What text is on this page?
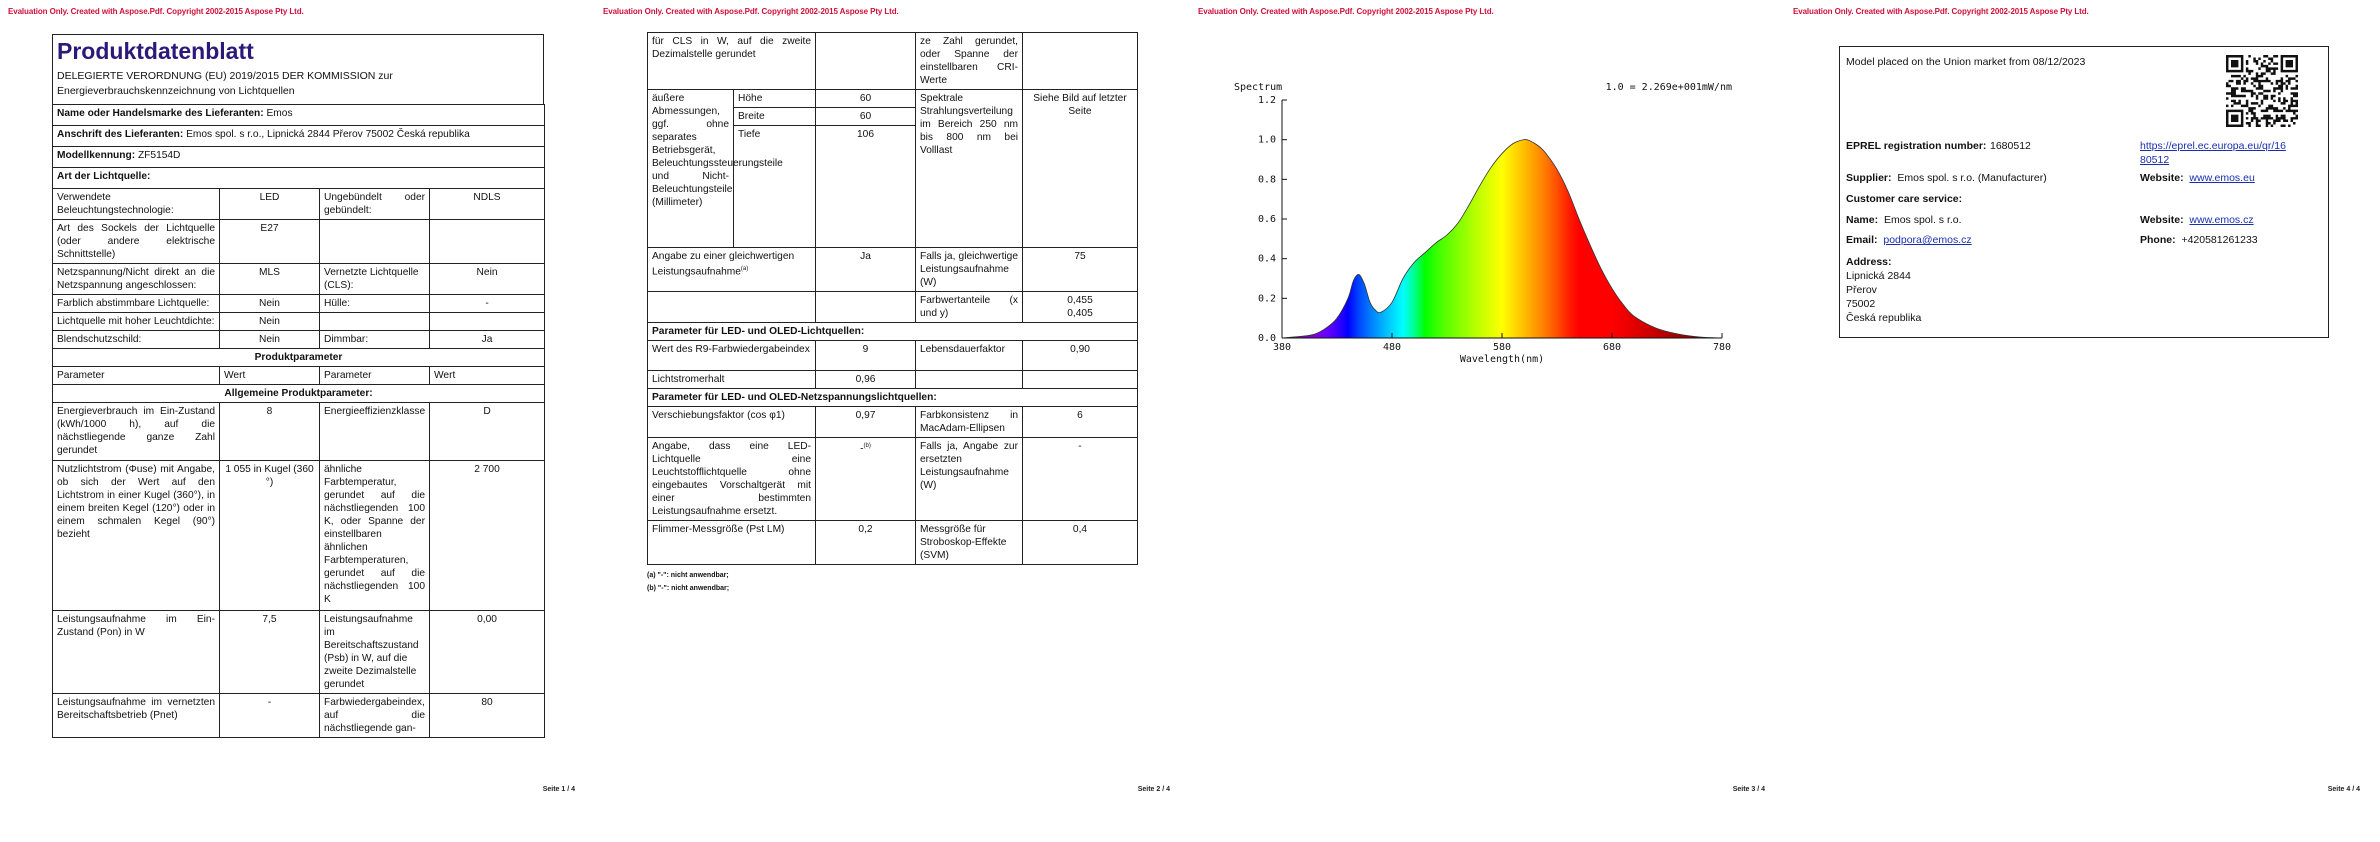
Evaluation Only. Created with Aspose.Pdf. Copyright 2002-2015 Aspose Pty Ltd.
Produktdatenblatt
DELEGIERTE VERORDNUNG (EU) 2019/2015 DER KOMMISSION zur Energieverbrauchskennzeichnung von Lichtquellen
Name oder Handelsmarke des Lieferanten: Emos			
Anschrift des Lieferanten: Emos spol. s r.o., Lipnická 2844 Přerov 75002 Česká republika			
Modellkennung: ZF5154D			
Art der Lichtquelle:			
Verwendete Beleuchtungstechnologie:	LED	Ungebündelt oder gebündelt:	NDLS
Art des Sockels der Lichtquelle (oder andere elektrische Schnittstelle)	E27		
Netzspannung/Nicht direkt an die Netzspannung angeschlossen:	MLS	Vernetzte Lichtquelle (CLS):	Nein
Farblich abstimmbare Lichtquelle:	Nein	Hülle:	-
Lichtquelle mit hoher Leuchtdichte:	Nein		
Blendschutzschild:	Nein	Dimmbar:	Ja
Produktparameter			
Parameter	Wert	Parameter	Wert
Allgemeine Produktparameter:			
Energieverbrauch im Ein-Zustand (kWh/1000 h), auf die nächstliegende ganze Zahl gerundet	8	Energieeffizienzklasse	D
Nutzlichtstrom (Φuse) mit Angabe, ob sich der Wert auf den Lichtstrom in einer Kugel (360°), in einem breiten Kegel (120°) oder in einem schmalen Kegel (90°) bezieht	1 055 in Kugel (360 °)	ähnliche Farbtemperatur, gerundet auf die nächstliegenden 100 K, oder Spanne der einstellbaren ähnlichen Farbtemperaturen, gerundet auf die nächstliegenden 100 K	2 700
Leistungsaufnahme im Ein-Zustand (Pon) in W	7,5	Leistungsaufnahme im Bereitschaftszustand (Psb) in W, auf die zweite Dezimalstelle gerundet	0,00
Leistungsaufnahme im vernetzten Bereitschaftsbetrieb (Pnet)	-	Farbwiedergabeindex, auf die nächstliegende gan-	80
Seite 1 / 4
Evaluation Only. Created with Aspose.Pdf. Copyright 2002-2015 Aspose Pty Ltd.
für CLS in W, auf die zweite Dezimalstelle gerundet			ze Zahl gerundet, oder Spanne der einstellbaren CRI-Werte	
äußere Abmessungen, ggf. ohne separates Betriebsgerät, Beleuchtungssteuerungsteile und Nicht-Beleuchtungsteile (Millimeter)	Höhe	60	Spektrale Strahlungsverteilung im Bereich 250 nm bis 800 nm bei Volllast	Siehe Bild auf letzter Seite
	Breite	60		
	Tiefe	106		
Angabe zu einer gleichwertigen Leistungsaufnahme$^{(a)}$		Ja	Falls ja, gleichwertige Leistungsaufnahme (W)	75
			Farbwertanteile (x und y)	0,455
0,405

Parameter für LED- und OLED-Lichtquellen:				
Wert des R9-Farbwiedergabeindex		9	Lebensdauerfaktor	0,90
Lichtstromerhalt		0,96		
Parameter für LED- und OLED-Netzspannungslichtquellen:				
Verschiebungsfaktor (cos φ1)		0,97	Farbkonsistenz in MacAdam-Ellipsen	6
Angabe, dass eine LED-Lichtquelle eine Leuchtstofflichtquelle ohne eingebautes Vorschaltgerät mit einer bestimmten Leistungsaufnahme ersetzt.		-$^{(b)}$	Falls ja, Angabe zur ersetzten Leistungsaufnahme (W)	-
Flimmer-Messgröße (Pst LM)		0,2	Messgröße für Stroboskop-Effekte (SVM)	0,4
(a) "-": nicht anwendbar;
(b) "-": nicht anwendbar;
Seite 2 / 4
Evaluation Only. Created with Aspose.Pdf. Copyright 2002-2015 Aspose Pty Ltd.
0.0
0.2
0.4
0.6
0.8
1.0
1.2
380	480	580	680	780
Spectrum	1.0 = 2.269e+001mW/nm
Wavelength(nm)
Seite 3 / 4
Evaluation Only. Created with Aspose.Pdf. Copyright 2002-2015 Aspose Pty Ltd.
Model placed on the Union market from 08/12/2023
EPREL registration number: 1680512	https://eprel.ec.europa.eu/qr/16
80512
Supplier: Emos spol. s r.o. (Manufacturer)	Website: www.emos.eu
Customer care service:
Name: Emos spol. s r.o.	Website: www.emos.cz
Email: podpora@emos.cz	Phone: +420581261233
Address:
Lipnická 2844
Přerov
75002
Česká republika
Seite 4 / 4
